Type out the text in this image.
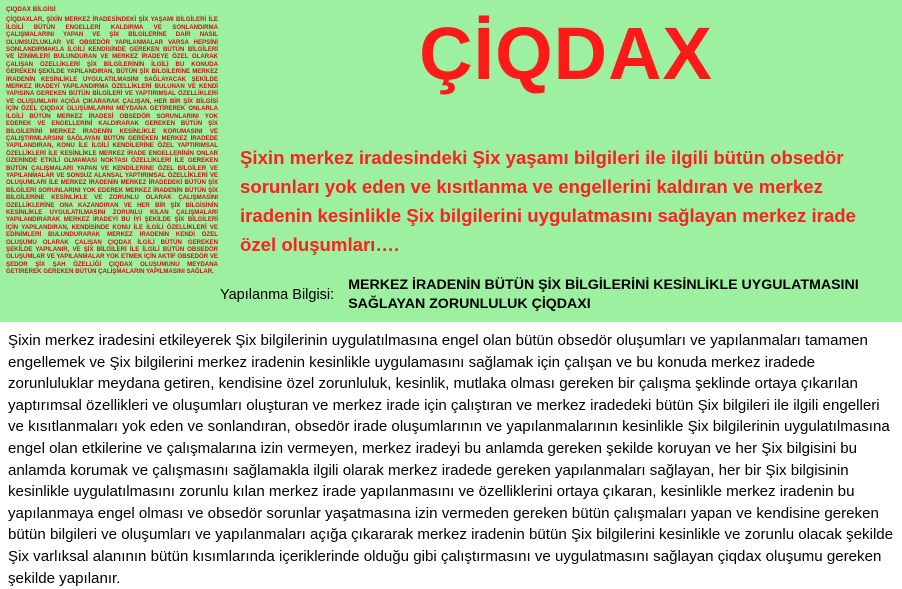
ÇIQDAX BİLGİSİ
ÇİQDAXLAR, ŞİXİN MERKEZ İRADESİNDEKİ ŞİX YAŞAMI BİLGİLERİ İLE İLGİLİ BÜTÜN ENGELLERİ KALDIRMA VE SONLANDIRMA ÇALIŞMALARINI YAPAN VE ŞİX BİLGİLERİNE DAİR NASIL OLUMSUZLUKLAR VE OBSEDÖR YAPILANMALAR VARSA HEPSİNİ SONLANDIRMAKLA İLGİLİ KENDİSİNDE GEREKEN BÜTÜN BİLGİLERİ VE İZİNİMLERİ BULUNDURAN VE MERKEZ İRADEYE ÖZEL OLARAK ÇALIŞAN ÖZELLİKLERİ ŞİX BİLGİLERİNİN İLGİLİ BU KONUDA GEREKEN ŞEKİLDE YAPILANDIRAN, BÜTÜN ŞİX BİLGİLERİNE MERKEZ İRADENİN KESİNLİKLE UYGULATILMASINI SAĞLAYACAK ŞEKİLDE MERKEZ İRADEYİ YAPILANDIRMA ÖZELLİKLERİ BULUNAN VE KENDİ YAPISINA GEREKEN BÜTÜN BİLGİLERİ VE YAPTIRIMSAL ÖZELLİKLERİ VE OLUŞUMLARI AÇIĞA ÇIKARARAK ÇALIŞAN, HER BİR ŞİX BİLGİSİ İÇİN ÖZEL ÇIQDAX OLUŞUMLARINI MEYDANA GETİREREK ONLARLA İLGİLİ BÜTÜN MERKEZ İRADESİ OBSEDÖR SORUNLARINI YOK EDEREK VE ENGELLERİNİ KALDIRARAK GEREKEN BÜTÜN ŞİX BİLGİLERİNİ MERKEZ İRADENİN KESİNLİKLE KORUMASINI VE ÇALIŞTIRMLARSINI SAĞLAYAN BÜTÜN GEREKEN MERKEZ İRADEDE YAPILANDIRAN, KONU İLE İLGİLİ KENDİLERİNE ÖZEL YAPTIRIMSAL ÖZELLİKLERİ İLE KESİNLİKLE MERKEZ İRADE ENGELLERİNİN ONLAR ÜZERİNDE ETKİLİ OLMAMASI NOKTASI ÖZELLİKLERİ İLE GEREKEN BÜTÜN ÇALIŞMALARI YAPAN VE KENDİLERİNE ÖZEL BİLGİLER VE YAPILANMALAR VE SONSUZ ALANSAL YAPTIRIMSAL ÖZELLİKLERİ VE OLUŞUMLARI İLE MERKEZ İRADENİN MERKEZ İRADEDEKİ BÜTÜN ŞİX BİLGİLERİ SORUNLARINI YOK EDEREK MERKEZ İRADENİN BÜTÜN ŞİX BİLGİLERİNE KESİNLİKLE VE ZORUNLU OLARAK ÇALIŞMASINI ÖZELLİKLERİNE ONA KAZANDIRAN VE HER BİR ŞİX BİLGİSİNİN KESİNLİKLE UYGULATILMASINI ZORUNLU KILAN ÇALIŞMALARI YAPILANDIRARAK MERKEZ İRADEYİ BU İYİ ŞEKİLDE ŞİX BİLGİLERİ İÇİN YAPILANDIRAN, KENDİSİNDE KONU İLE İLGİLİ ÖZELLİKLERİ VE EDİNİMLERİ BULUNDURARAK MERKEZ İRADENİN KENDİ ÖZEL OLUŞUMU OLARAK ÇALIŞAN ÇIQDAX İLGİLİ BÜTÜN GEREKEN ŞEKİLDE YAPILANIR, VE ŞİX BİLGİLERİ İLE İLGİLİ BÜTÜN OBSEDÖR OLUŞUMLAR VE YAPILANMALAR YOK ETMEK İÇİN AKTİF OBSEDÖR VE ŞEDOR ŞİX ŞAH ÖZELLİĞİ ÇIQDAX OLUŞUMUNU MEYDANA GETİREREK GEREKEN BÜTÜN ÇALIŞMALARIN YAPILMASINI SAĞLAR.
ÇİQDAX
Şixin merkez iradesindeki Şix yaşamı bilgileri ile ilgili bütün obsedör sorunları yok eden ve kısıtlanma ve engellerini kaldıran ve merkez iradenin kesinlikle Şix bilgilerini uygulatmasını sağlayan merkez irade özel oluşumları….
Yapılanma Bilgisi:
MERKEZ İRADENİN BÜTÜN ŞİX BİLGİLERİNİ KESİNLİKLE UYGULATMASINI SAĞLAYAN ZORUNLULUK ÇİQDAXI
Şixin merkez iradesini etkileyerek Şix bilgilerinin uygulatılmasına engel olan bütün obsedör oluşumları ve yapılanmaları tamamen engellemek ve Şix bilgilerini merkez iradenin kesinlikle uygulamasını sağlamak için çalışan ve bu konuda merkez iradede zorunluluklar meydana getiren, kendisine özel zorunluluk, kesinlik, mutlaka olması gereken bir çalışma şeklinde ortaya çıkarılan yaptırımsal özellikleri ve oluşumları oluşturan ve merkez irade için çalıştıran ve merkez iradedeki bütün Şix bilgileri ile ilgili engelleri ve kısıtlanmaları yok eden ve sonlandıran, obsedör irade oluşumlarının ve yapılanmalarının kesinlikle Şix bilgilerinin uygulatılmasına engel olan etkilerine ve çalışmalarına izin vermeyen, merkez iradeyi bu anlamda gereken şekilde koruyan ve her Şix bilgisini bu anlamda korumak ve çalışmasını sağlamakla ilgili olarak merkez iradede gereken yapılanmaları sağlayan, her bir Şix bilgisinin kesinlikle uygulatılmasını zorunlu kılan merkez irade yapılanmasını ve özelliklerini ortaya çıkaran, kesinlikle merkez iradenin bu yapılanmaya engel olması ve obsedör sorunlar yaşatmasına izin vermeden gereken bütün çalışmaları yapan ve kendisine gereken bütün bilgileri ve oluşumları ve yapılanmaları açığa çıkararak merkez iradenin bütün Şix bilgilerini kesinlikle ve zorunlu olacak şekilde Şix varlıksal alanının bütün kısımlarında içeriklerinde olduğu gibi çalıştırmasını ve uygulatmasını sağlayan çiqdax oluşumu gereken şekilde yapılanır.
